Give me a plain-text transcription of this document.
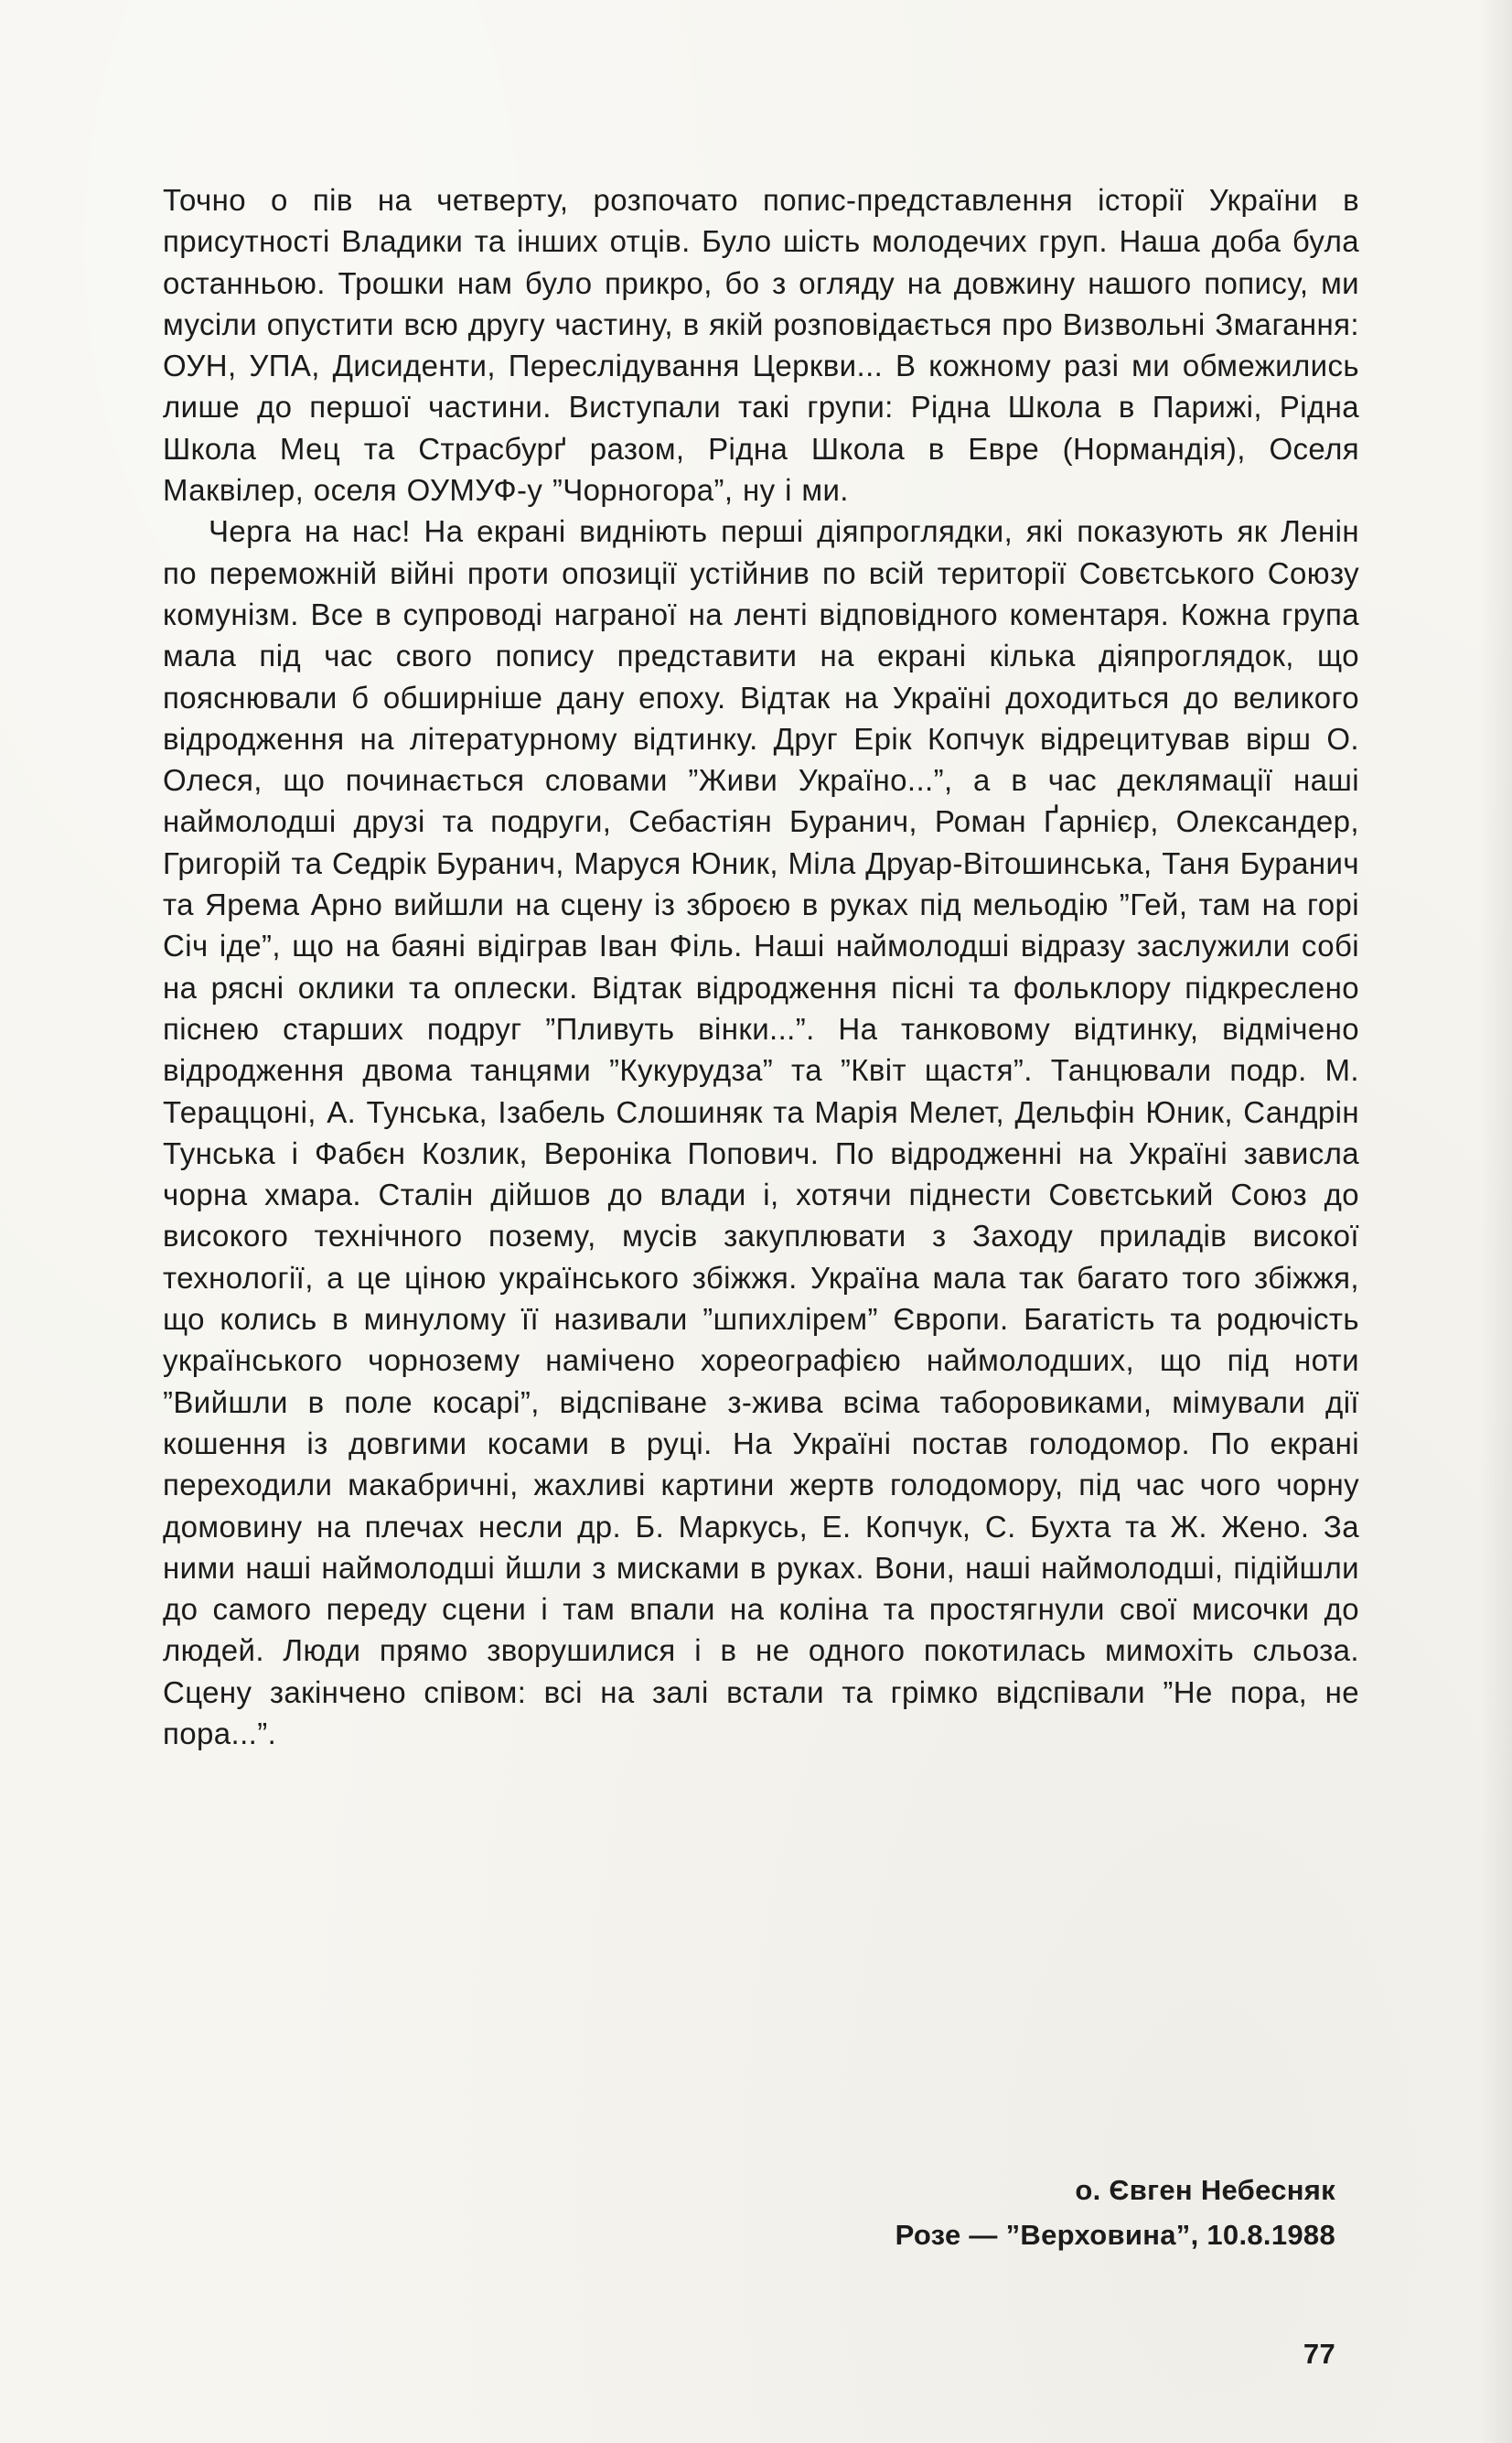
Точно о пів на четверту, розпочато попис-представлення історії України в присутності Владики та інших отців. Було шість молодечих груп. Наша доба була останньою. Трошки нам було прикро, бо з огляду на довжину нашого попису, ми мусіли опустити всю другу частину, в якій розповідається про Визвольні Змагання: ОУН, УПА, Дисиденти, Переслідування Церкви... В кожному разі ми обмежились лише до першої частини. Виступали такі групи: Рідна Школа в Парижі, Рідна Школа Мец та Страсбурґ разом, Рідна Школа в Еврe (Нормандія), Оселя Маквілер, оселя ОУМУФ-у ”Чорногора”, ну і ми.

Черга на нас! На екрані видніють перші діяпроглядки, які показують як Ленін по переможній війні проти опозиції устійнив по всій території Совєтського Союзу комунізм. Все в супроводі награної на ленті відповідного коментаря. Кожна група мала під час свого попису представити на екрані кілька діяпроглядок, що пояснювали б обширніше дану епоху. Відтак на Україні доходиться до великого відродження на літературному відтинку. Друг Ерік Копчук відрецитував вірш О. Олеся, що починається словами ”Живи Україно...”, а в час деклямації наші наймолодші друзі та подруги, Себастіян Буранич, Роман Ґарнієр, Олександер, Григорій та Седрік Буранич, Маруся Юник, Міла Друар-Вітошинська, Таня Буранич та Ярема Арно вийшли на сцену із зброєю в руках під мельодію ”Гей, там на горі Січ іде”, що на баяні відіграв Іван Філь. Наші наймолодші відразу заслужили собі на рясні оклики та оплески. Відтак відродження пісні та фольклору підкреслено піснею старших подруг ”Пливуть вінки...”. На танковому відтинку, відмічено відродження двома танцями ”Кукурудза” та ”Квіт щастя”. Танцювали подр. М. Тераццоні, А. Тунська, Ізабель Слошиняк та Марія Мелет, Дельфін Юник, Сандрін Тунська і Фабєн Козлик, Вероніка Попович. По відродженні на Україні зависла чорна хмара. Сталін дійшов до влади і, хотячи піднести Совєтський Союз до високого технічного поземy, мусів закуплювати з Заходу приладів високої технології, а це ціною українського збіжжя. Україна мала так багато того збіжжя, що колись в минулому її називали ”шпихлірем” Європи. Багатість та родючість українського чорнозему намічено хореографією наймолодших, що під ноти ”Вийшли в поле косарі”, відспіване з-жива всіма таборовиками, мімували дії кошення із довгими косами в руці. На Україні постав голодомор. По екрані переходили макабричні, жахливі картини жертв голодомору, під час чого чорну домовину на плечах несли др. Б. Маркусь, Е. Копчук, С. Бухта та Ж. Жено. За ними наші наймолодші йшли з мисками в руках. Вони, наші наймолодші, підійшли до самого переду сцени і там впали на коліна та простягнули свої мисочки до людей. Люди прямо зворушилися і в не одного покотилась мимохіть сльоза. Сцену закінчено співом: всі на залі встали та грімко відспівали ”Не пора, не пора...”.

о. Євген Небесняк
Розе — ”Верховина”, 10.8.1988
77
